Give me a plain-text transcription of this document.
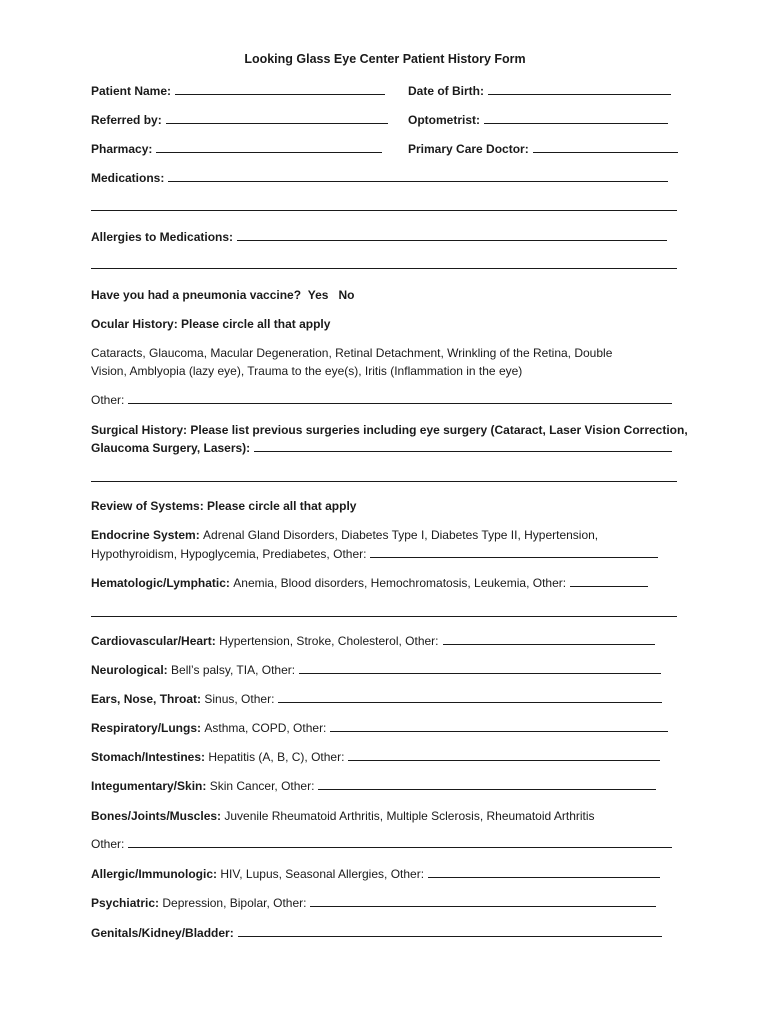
Looking Glass Eye Center Patient History Form
Patient Name:	Date of Birth:
Referred by:	Optometrist:
Pharmacy:	Primary Care Doctor:
Medications:
Allergies to Medications:
Have you had a pneumonia vaccine? Yes No
Ocular History: Please circle all that apply
Cataracts, Glaucoma, Macular Degeneration, Retinal Detachment, Wrinkling of the Retina, Double
Vision, Amblyopia (lazy eye), Trauma to the eye(s), Iritis (Inflammation in the eye)
Other:
Surgical History: Please list previous surgeries including eye surgery (Cataract, Laser Vision Correction,
Glaucoma Surgery, Lasers):
Review of Systems: Please circle all that apply
Endocrine System: Adrenal Gland Disorders, Diabetes Type I, Diabetes Type II, Hypertension,
Hypothyroidism, Hypoglycemia, Prediabetes, Other:
Hematologic/Lymphatic: Anemia, Blood disorders, Hemochromatosis, Leukemia, Other:
Cardiovascular/Heart: Hypertension, Stroke, Cholesterol, Other:
Neurological: Bell’s palsy, TIA, Other:
Ears, Nose, Throat: Sinus, Other:
Respiratory/Lungs: Asthma, COPD, Other:
Stomach/Intestines: Hepatitis (A, B, C), Other:
Integumentary/Skin: Skin Cancer, Other:
Bones/Joints/Muscles: Juvenile Rheumatoid Arthritis, Multiple Sclerosis, Rheumatoid Arthritis
Other:
Allergic/Immunologic: HIV, Lupus, Seasonal Allergies, Other:
Psychiatric: Depression, Bipolar, Other:
Genitals/Kidney/Bladder:
